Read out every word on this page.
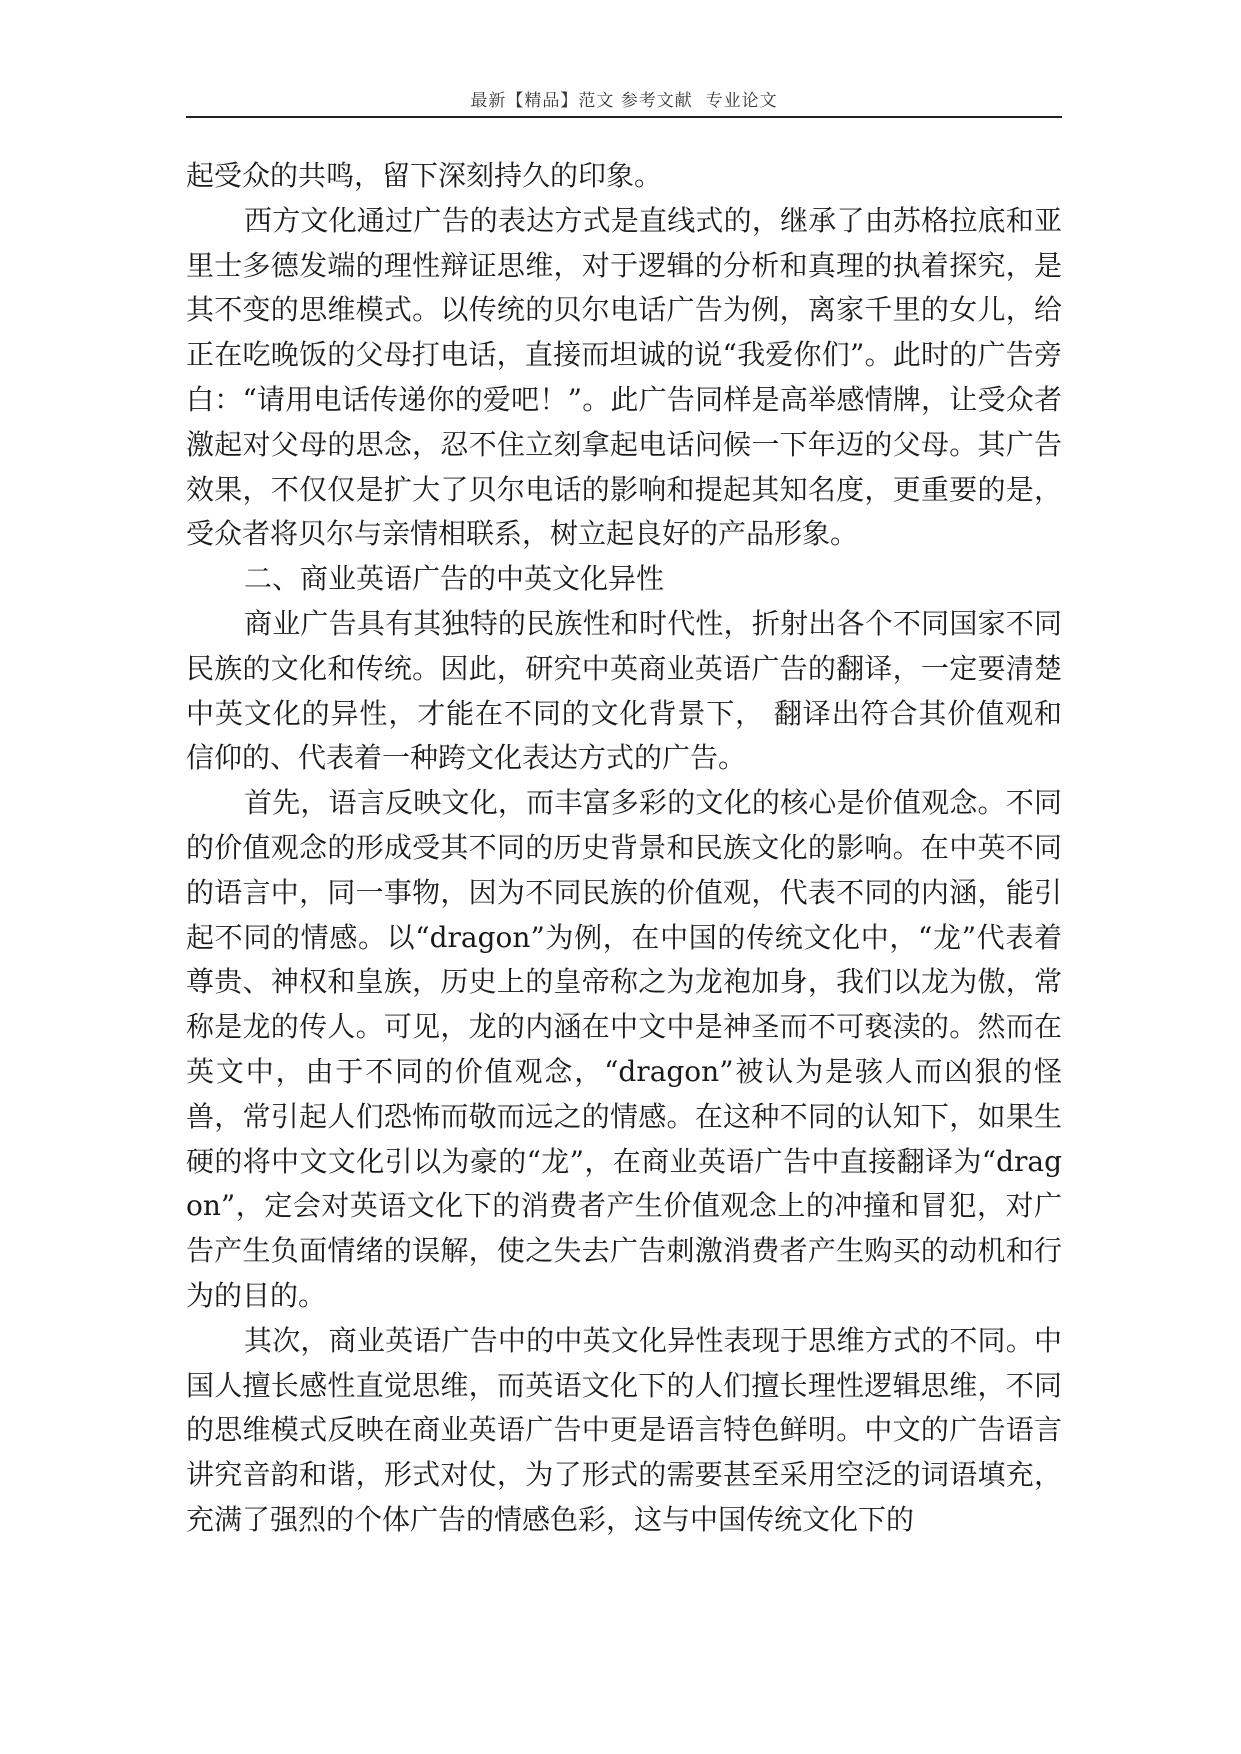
最新【精品】范文 参考文献  专业论文

起受众的共鸣，留下深刻持久的印象。

西方文化通过广告的表达方式是直线式的，继承了由苏格拉底和亚里士多德发端的理性辩证思维，对于逻辑的分析和真理的执着探究，是其不变的思维模式。以传统的贝尔电话广告为例，离家千里的女儿，给正在吃晚饭的父母打电话，直接而坦诚的说“我爱你们”。此时的广告旁白：“请用电话传递你的爱吧！”。此广告同样是高举感情牌，让受众者激起对父母的思念，忍不住立刻拿起电话问候一下年迈的父母。其广告效果，不仅仅是扩大了贝尔电话的影响和提起其知名度，更重要的是，受众者将贝尔与亲情相联系，树立起良好的产品形象。

二、商业英语广告的中英文化异性

商业广告具有其独特的民族性和时代性，折射出各个不同国家不同民族的文化和传统。因此，研究中英商业英语广告的翻译，一定要清楚中英文化的异性，才能在不同的文化背景下， 翻译出符合其价值观和信仰的、代表着一种跨文化表达方式的广告。

首先，语言反映文化，而丰富多彩的文化的核心是价值观念。不同的价值观念的形成受其不同的历史背景和民族文化的影响。在中英不同的语言中，同一事物，因为不同民族的价值观，代表不同的内涵，能引起不同的情感。以“dragon”为例，在中国的传统文化中，“龙”代表着尊贵、神权和皇族，历史上的皇帝称之为龙袍加身，我们以龙为傲，常称是龙的传人。可见，龙的内涵在中文中是神圣而不可亵渎的。然而在英文中，由于不同的价值观念，“dragon”被认为是骇人而凶狠的怪兽，常引起人们恐怖而敬而远之的情感。在这种不同的认知下，如果生硬的将中文文化引以为豪的“龙”，在商业英语广告中直接翻译为“dragon”，定会对英语文化下的消费者产生价值观念上的冲撞和冒犯，对广告产生负面情绪的误解，使之失去广告刺激消费者产生购买的动机和行为的目的。

其次，商业英语广告中的中英文化异性表现于思维方式的不同。中国人擅长感性直觉思维，而英语文化下的人们擅长理性逻辑思维，不同的思维模式反映在商业英语广告中更是语言特色鲜明。中文的广告语言讲究音韵和谐，形式对仗，为了形式的需要甚至采用空泛的词语填充，充满了强烈的个体广告的情感色彩，这与中国传统文化下的
